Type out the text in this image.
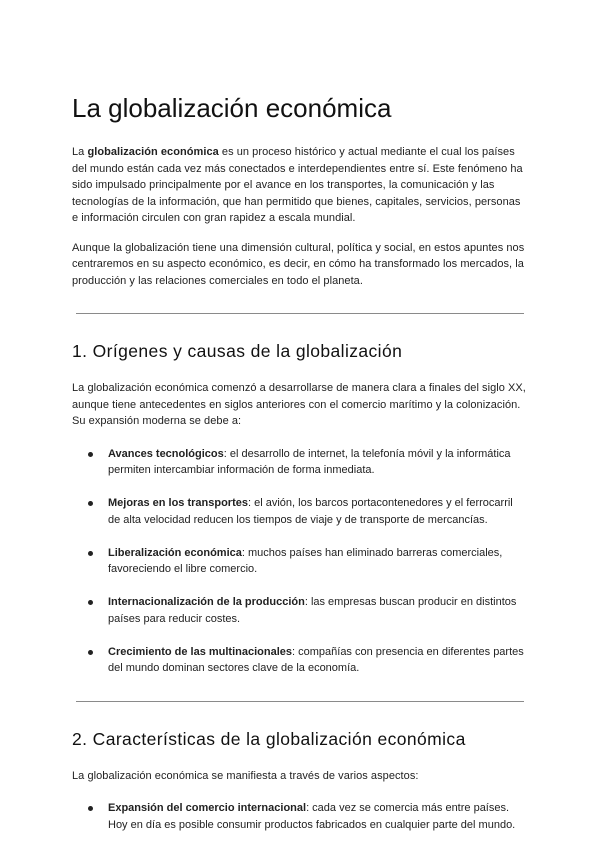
La globalización económica

La globalización económica es un proceso histórico y actual mediante el cual los países del mundo están cada vez más conectados e interdependientes entre sí. Este fenómeno ha sido impulsado principalmente por el avance en los transportes, la comunicación y las tecnologías de la información, que han permitido que bienes, capitales, servicios, personas e información circulen con gran rapidez a escala mundial.

Aunque la globalización tiene una dimensión cultural, política y social, en estos apuntes nos centraremos en su aspecto económico, es decir, en cómo ha transformado los mercados, la producción y las relaciones comerciales en todo el planeta.

1. Orígenes y causas de la globalización

La globalización económica comenzó a desarrollarse de manera clara a finales del siglo XX, aunque tiene antecedentes en siglos anteriores con el comercio marítimo y la colonización. Su expansión moderna se debe a:

Avances tecnológicos: el desarrollo de internet, la telefonía móvil y la informática permiten intercambiar información de forma inmediata.
Mejoras en los transportes: el avión, los barcos portacontenedores y el ferrocarril de alta velocidad reducen los tiempos de viaje y de transporte de mercancías.
Liberalización económica: muchos países han eliminado barreras comerciales, favoreciendo el libre comercio.
Internacionalización de la producción: las empresas buscan producir en distintos países para reducir costes.
Crecimiento de las multinacionales: compañías con presencia en diferentes partes del mundo dominan sectores clave de la economía.
2. Características de la globalización económica

La globalización económica se manifiesta a través de varios aspectos:

Expansión del comercio internacional: cada vez se comercia más entre países. Hoy en día es posible consumir productos fabricados en cualquier parte del mundo.
